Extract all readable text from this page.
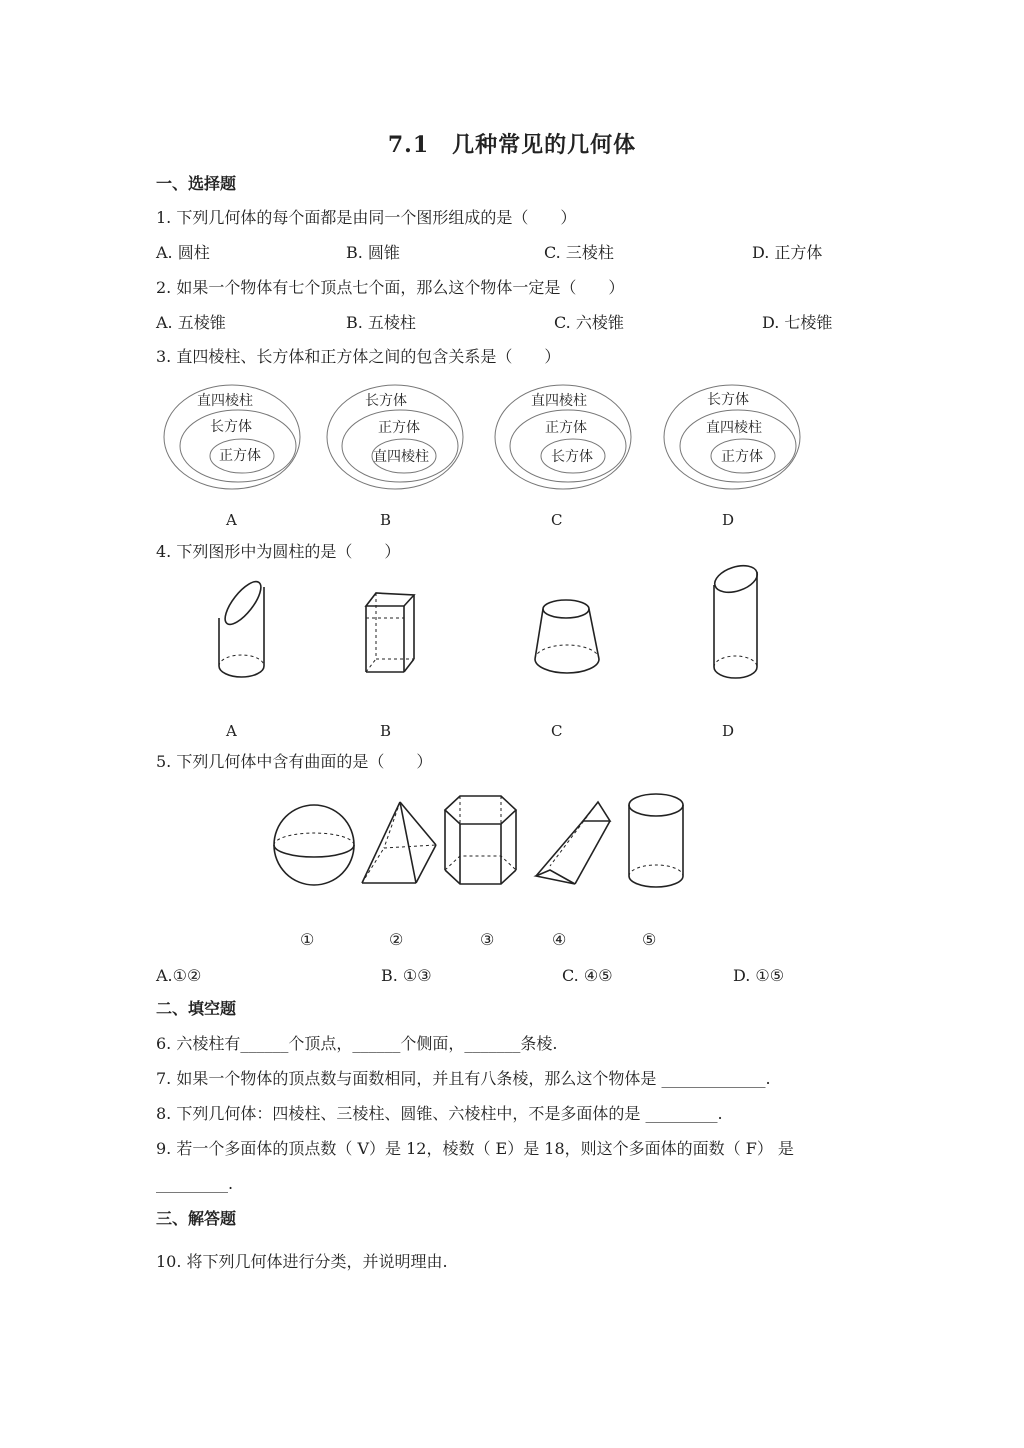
7.1　几种常见的几何体
一、选择题
1. 下列几何体的每个面都是由同一个图形组成的是（　　）
A. 圆柱	B. 圆锥	C. 三棱柱	D. 正方体
2. 如果一个物体有七个顶点七个面，那么这个物体一定是（　　）
A. 五棱锥	B. 五棱柱	C. 六棱锥	D. 七棱锥
3. 直四棱柱、长方体和正方体之间的包含关系是（　　）
直四棱柱
长方体
正方体
长方体
正方体
直四棱柱
直四棱柱
正方体
长方体
长方体
直四棱柱
正方体
A	B	C	D
4. 下列图形中为圆柱的是（　　）
A	B	C	D
5. 下列几何体中含有曲面的是（　　）
①	②	③	④	⑤
A.①②	B. ①③	C. ④⑤	D. ①⑤
二、填空题
6. 六棱柱有______个顶点，______个侧面，_______条棱.
7. 如果一个物体的顶点数与面数相同，并且有八条棱，那么这个物体是 _____________.
8. 下列几何体：四棱柱、三棱柱、圆锥、六棱柱中，不是多面体的是 _________.
9. 若一个多面体的顶点数（ V）是 12，棱数（ E）是 18，则这个多面体的面数（ F） 是
_________.
三、解答题
10. 将下列几何体进行分类，并说明理由.
